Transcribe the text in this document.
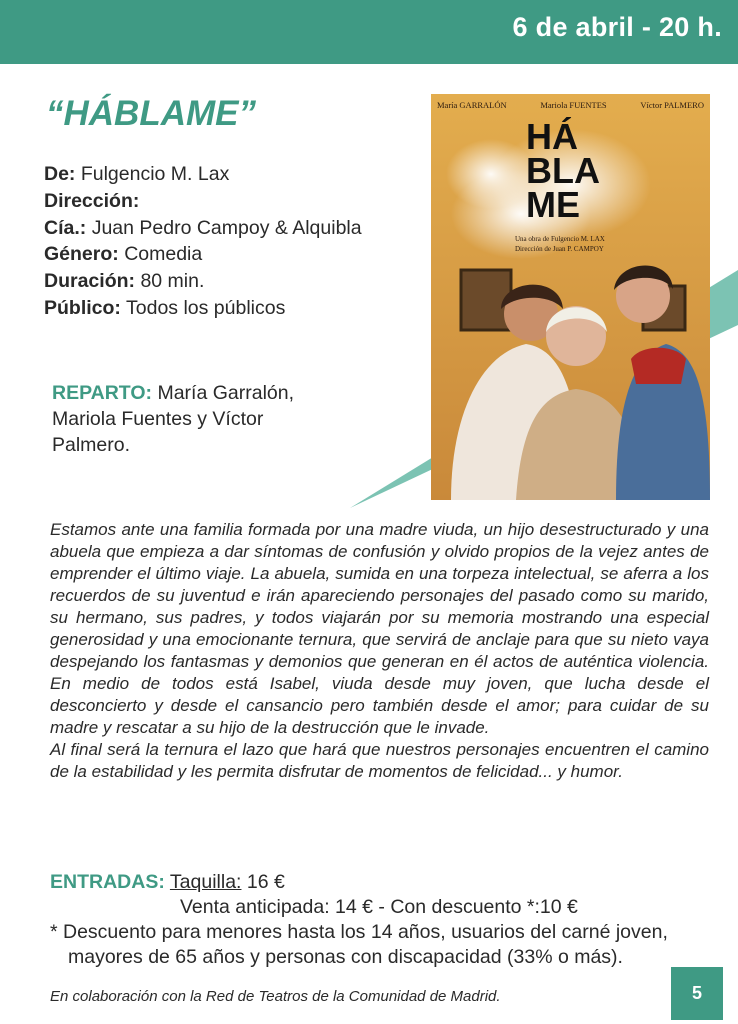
6 de abril - 20 h.
“HÁBLAME”
De: Fulgencio M. Lax
Dirección:
Cía.: Juan Pedro Campoy & Alquibla
Género: Comedia
Duración: 80 min.
Público: Todos los públicos
REPARTO: María Garralón, Mariola Fuentes y Víctor Palmero.
María GARRALÓN	Mariola FUENTES	Víctor PALMERO
HÁ
BLA
ME
Una obra de Fulgencio M. LAX
Dirección de Juan P. CAMPOY

Estamos ante una familia formada por una madre viuda, un hijo desestructurado y una abuela que empieza a dar síntomas de confusión y olvido propios de la vejez antes de emprender el último viaje. La abuela, sumida en una torpeza intelectual, se aferra a los recuerdos de su juventud e irán apareciendo personajes del pasado como su marido, su hermano, sus padres, y todos viajarán por su memoria mostrando una especial generosidad y una emocionante ternura, que servirá de anclaje para que su nieto vaya despejando los fantasmas y demonios que generan en él actos de auténtica violencia. En medio de todos está Isabel, viuda desde muy joven, que lucha desde el desconcierto y desde el cansancio pero también desde el amor; para cuidar de su madre y rescatar a su hijo de la destrucción que le invade.

Al final será la ternura el lazo que hará que nuestros personajes encuentren el camino de la estabilidad y les permita disfrutar de momentos de felicidad... y humor.

ENTRADAS: Taquilla: 16 €
Venta anticipada: 14 € - Con descuento *:10 €
* Descuento para menores hasta los 14 años, usuarios del carné joven,
mayores de 65 años y personas con discapacidad (33% o más).
En colaboración con la Red de Teatros de la Comunidad de Madrid.	5
